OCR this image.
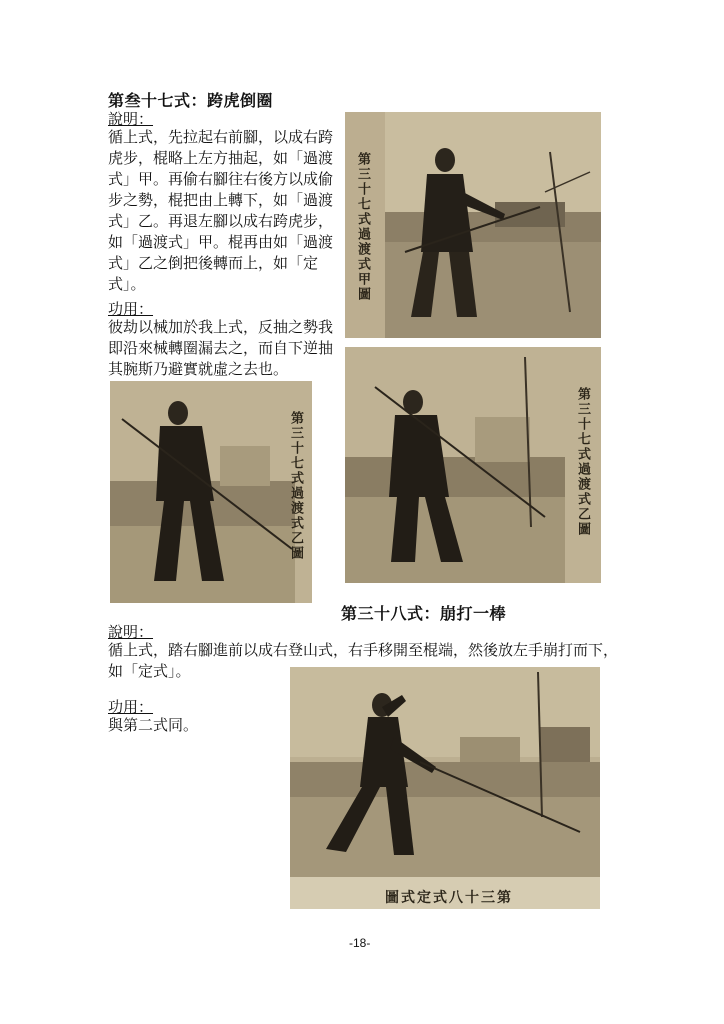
第叁十七式：跨虎倒圈
說明：
循上式，先拉起右前腳，以成右跨
虎步，棍略上左方抽起，如「過渡
式」甲。再偷右腳往右後方以成偷
步之勢，棍把由上轉下，如「過渡
式」乙。再退左腳以成右跨虎步，
如「過渡式」甲。棍再由如「過渡
式」乙之倒把後轉而上，如「定
式」。
功用：
彼劫以械加於我上式，反抽之勢我
即沿來械轉圈漏去之，而自下逆抽
其腕斯乃避實就虛之去也。
第三十七式過渡式甲圖
第三十七式過渡式乙圖
第三十七式過渡式乙圖
第三十八式：崩打一棒
說明：
循上式，踏右腳進前以成右登山式，右手移開至棍端，然後放左手崩打而下，
如「定式」。
功用：
與第二式同。
第三十八式定式圖
-18-
